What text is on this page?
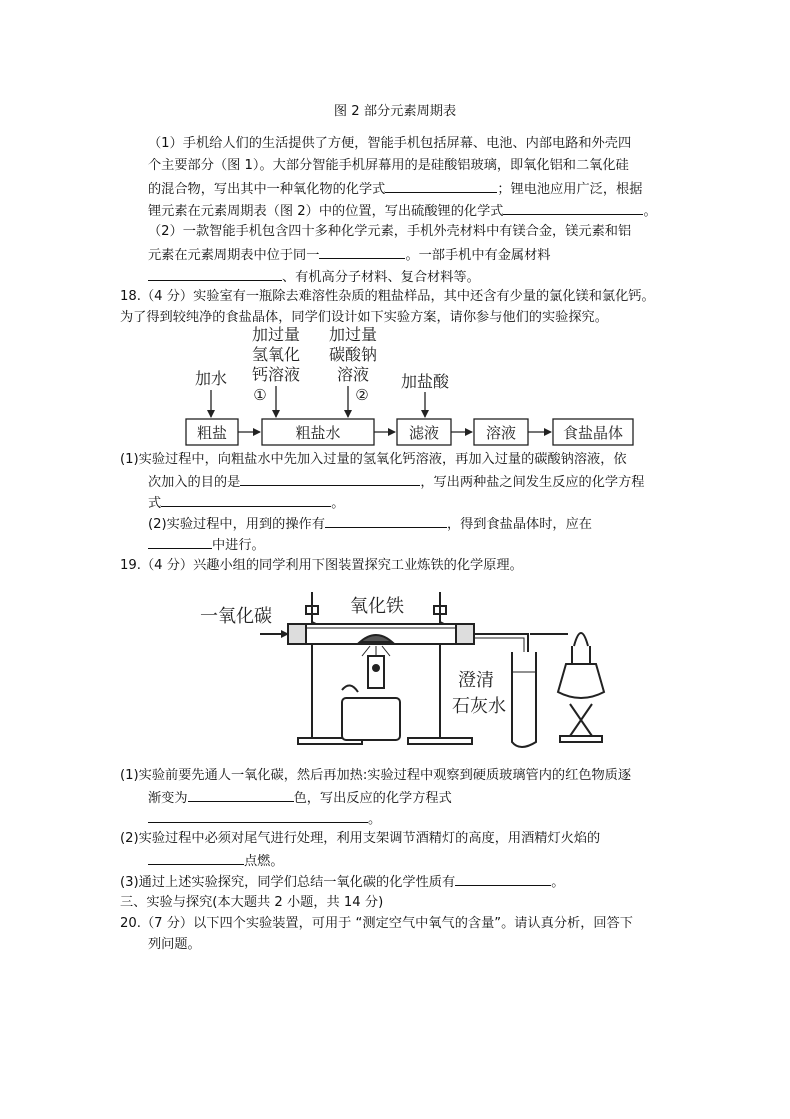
图 2 部分元素周期表
（1）手机给人们的生活提供了方便，智能手机包括屏幕、电池、内部电路和外壳四
个主要部分（图 1）。大部分智能手机屏幕用的是硅酸铝玻璃，即氧化铝和二氧化硅
的混合物，写出其中一种氧化物的化学式	；锂电池应用广泛，根据
锂元素在元素周期表（图 2）中的位置，写出硫酸锂的化学式	。
（2）一款智能手机包含四十多种化学元素，手机外壳材料中有镁合金，镁元素和铝
元素在元素周期表中位于同一	。一部手机中有金属材料
、有机高分子材料、复合材料等。
18.（4 分）实验室有一瓶除去难溶性杂质的粗盐样品，其中还含有少量的氯化镁和氯化钙。
为了得到较纯净的食盐晶体，同学们设计如下实验方案，请你参与他们的实验探究。
加水
加过量
氢氧化
钙溶液
①
加过量
碳酸钠
溶液
②
加盐酸
粗盐	粗盐水	滤液	溶液	食盐晶体
(1)实验过程中，向粗盐水中先加入过量的氢氧化钙溶液，再加入过量的碳酸钠溶液，依
次加入的目的是	，写出两种盐之间发生反应的化学方程
式	。
(2)实验过程中，用到的操作有	，得到食盐晶体时，应在
中进行。
19.（4 分）兴趣小组的同学利用下图装置探究工业炼铁的化学原理。
一氧化碳	氧化铁
澄清
石灰水
(1)实验前要先通人一氧化碳，然后再加热:实验过程中观察到硬质玻璃管内的红色物质逐
渐变为	色，写出反应的化学方程式
。
(2)实验过程中必须对尾气进行处理，利用支架调节酒精灯的高度，用酒精灯火焰的
点燃。
(3)通过上述实验探究，同学们总结一氧化碳的化学性质有	。
三、实验与探究(本大题共 2 小题，共 14 分)
20.（7 分）以下四个实验装置，可用于 “测定空气中氧气的含量”。请认真分析，回答下
列问题。
